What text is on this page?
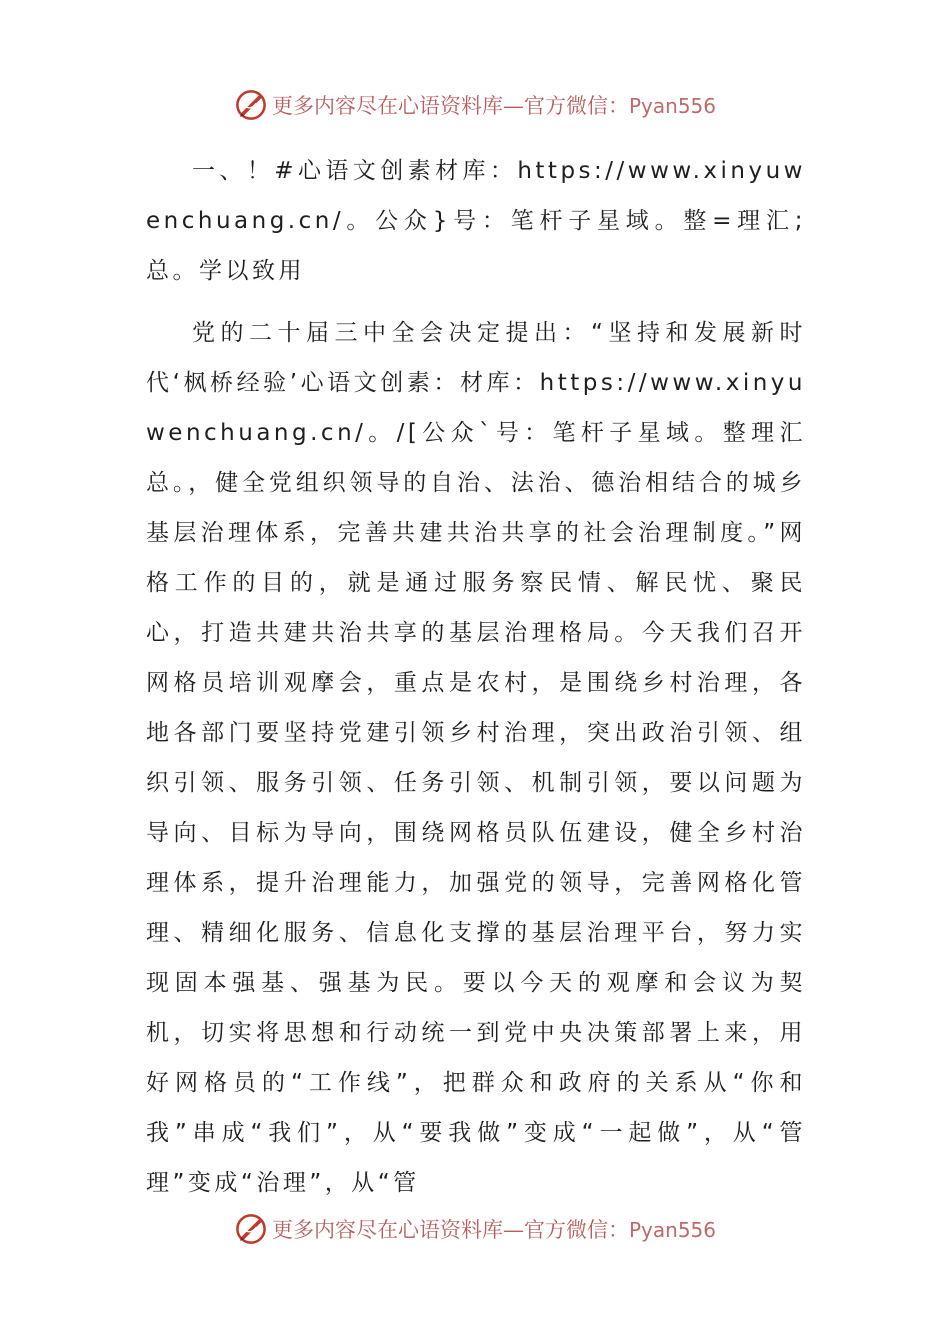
更多内容尽在心语资料库—官方微信：Pyan556

一、！#心语文创素材库：https://www.xinyuwenchuang.cn/。公众}号：笔杆子星域。整=理汇;总。学以致用

党的二十届三中全会决定提出：“坚持和发展新时代‘枫桥经验’心语文创素：材库：https://www.xinyuwenchuang.cn/。/[公众`号：笔杆子星域。整理汇总。，健全党组织领导的自治、法治、德治相结合的城乡基层治理体系，完善共建共治共享的社会治理制度。”网格工作的目的，就是通过服务察民情、解民忧、聚民心，打造共建共治共享的基层治理格局。今天我们召开网格员培训观摩会，重点是农村，是围绕乡村治理，各地各部门要坚持党建引领乡村治理，突出政治引领、组织引领、服务引领、任务引领、机制引领，要以问题为导向、目标为导向，围绕网格员队伍建设，健全乡村治理体系，提升治理能力，加强党的领导，完善网格化管理、精细化服务、信息化支撑的基层治理平台，努力实现固本强基、强基为民。要以今天的观摩和会议为契机，切实将思想和行动统一到党中央决策部署上来，用好网格员的“工作线”，把群众和政府的关系从“你和我”串成“我们”，从“要我做”变成“一起做”，从“管理”变成“治理”，从“管

更多内容尽在心语资料库—官方微信：Pyan556
